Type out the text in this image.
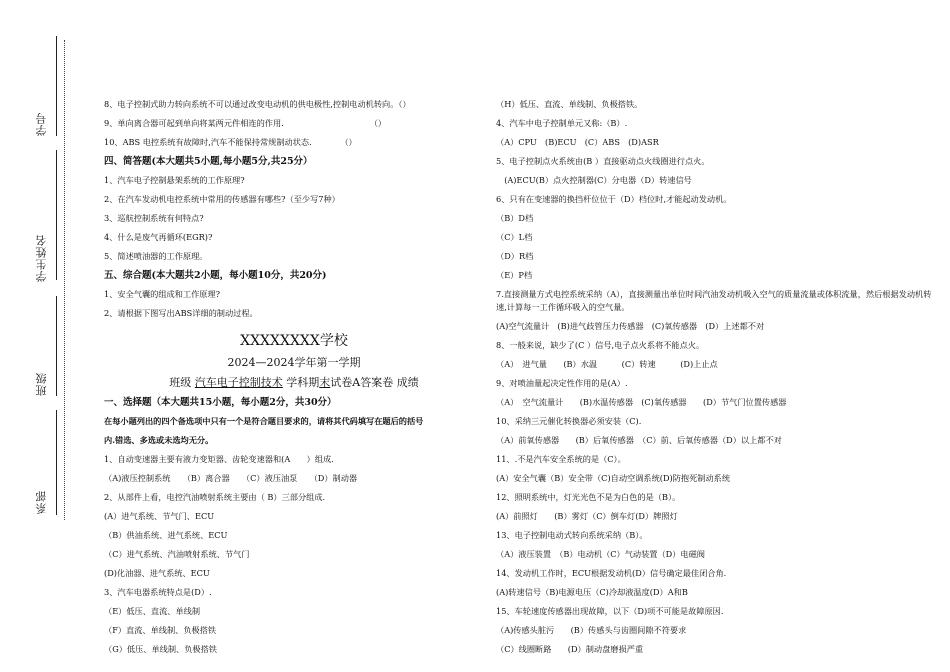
学号
学生姓名
班级
系部
8、电子控制式助力转向系统不可以通过改变电动机的供电极性,控制电动机转向。（）
9、单向离合器可起到单向将某两元件相连的作用.　　　　　　　　　　　（）
10、ABS 电控系统有故障时,汽车不能保持常规制动状态.　　　　（）
四、简答题(本大题共5小题,每小题5分,共25分）
1、汽车电子控制悬架系统的工作原理?
2、在汽车发动机电控系统中常用的传感器有哪些?（至少写7种）
3、巡航控制系统有何特点?
4、什么是废气再循环(EGR)?
5、简述喷油器的工作原理。
五、综合题(本大题共2小题，每小题10分，共20分)
1、安全气囊的组成和工作原理?
2、请根据下图写出ABS详细的制动过程。
XXXXXXXX学校
2024—2024学年第一学期
班级 汽车电子控制技术 学科期末试卷A答案卷 成绩
一、选择题（本大题共15小题，每小题2分，共30分）
在每小题列出的四个备选项中只有一个是符合题目要求的，请将其代码填写在题后的括号
内.错选、多选或未选均无分。
1、自动变速器主要有液力变矩器、齿轮变速器和(A　　）组成.
（A)液压控制系统　　（B）离合器　　（C）液压油泵　　（D）制动器
2、从部件上看，电控汽油喷射系统主要由（ B）三部分组成.
(A）进气系统、节气门、ECU
（B）供油系统、进气系统、ECU
（C）进气系统、汽油喷射系统、节气门
(D)化油器、进气系统、ECU
3、汽车电器系统特点是(D）.
（E）低压、直流、单线制
（F）直流、单线制、负极搭铁
（G）低压、单线制、负极搭铁
（H）低压、直流、单线制、负极搭铁。
4、汽车中电子控制单元又称:（B）.
（A）CPU　(B)ECU　(C）ABS　(D)ASR
5、电子控制点火系统由(B ）直接驱动点火线圈进行点火。
　(A)ECU(B）点火控制器(C）分电器（D）转速信号
6、只有在变速器的换挡杆位位于（D）档位时,才能起动发动机。
（B）D档
（C）L档
（D）R档
（E）P档
7.直接测量方式电控系统采纳（A），直接测量出单位时间汽油发动机吸入空气的质量流量或体积流量，然后根据发动机转速,计算每一工作循环吸入的空气量。
(A)空气流量计　(B)进气歧管压力传感器　(C)氧传感器　(D）上述都不对
8、一般来说，缺少了(C ）信号,电子点火系将不能点火。
（A）　进气量　　(B）水温　　　(C）转速　　　(D)上止点
9、对喷油量起决定性作用的是(A）.
（A）　空气流量计　　(B)水温传感器　(C)氧传感器　　(D）节气门位置传感器
10、采纳三元催化转换器必须安装（C).
（A）前氧传感器　　(B）后氧传感器　（C）前、后氧传感器（D）以上都不对
11、.不是汽车安全系统的是（C）。
(A）安全气囊（B）安全带（C)自动空调系统(D)防抱死制动系统
12、照明系统中，灯光光色不是为白色的是（B）。
(A）前照灯　　(B）雾灯（C）倒车灯(D）牌照灯
13、电子控制电动式转向系统采纳（B）。
（A）液压装置　（B）电动机（C）气动装置（D）电磁阀
14、发动机工作时，ECU根据发动机(D）信号确定最佳闭合角.
(A)转速信号（B)电源电压（C)冷却液温度(D）A和B
15、车轮速度传感器出现故障，以下（D)项不可能是故障原因.
（A)传感头脏污　　(B）传感头与齿圈间隙不符要求
（C）线圈断路　　(D）制动盘磨损严重
